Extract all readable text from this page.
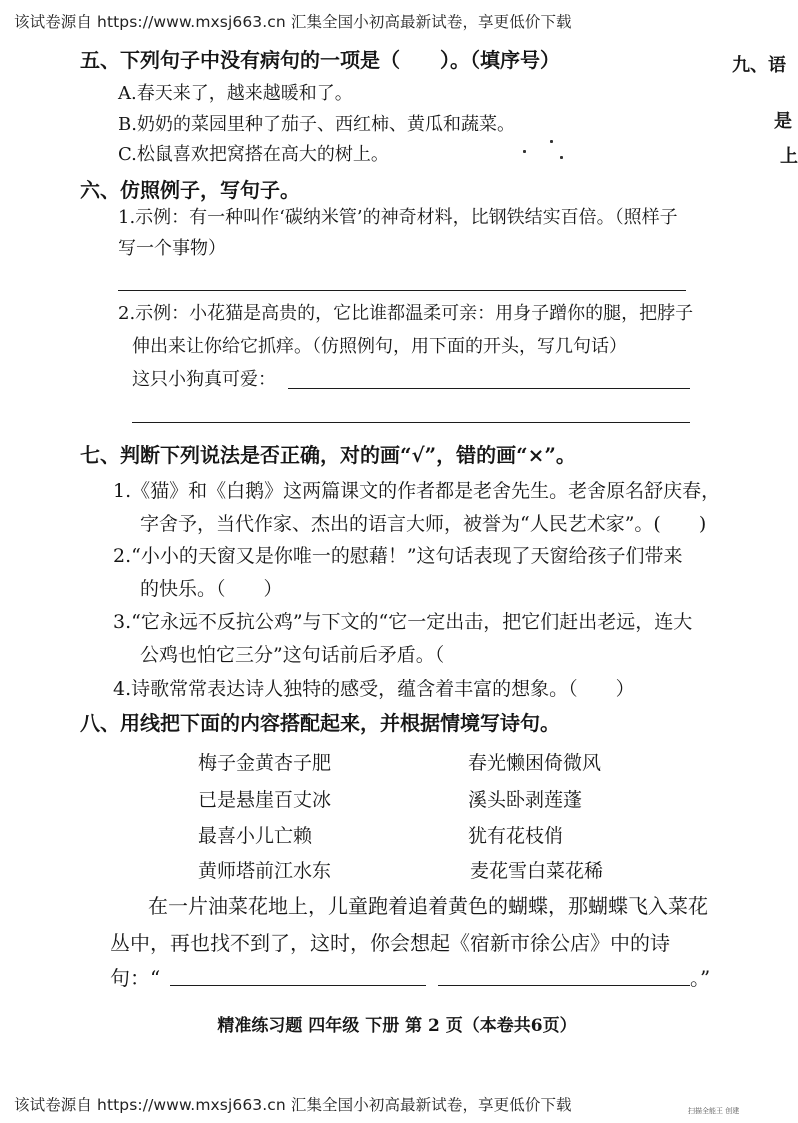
该试卷源自 https://www.mxsj663.cn 汇集全国小初高最新试卷，享更低价下载
九、语
是
上
五、下列句子中没有病句的一项是（　　）。（填序号）
A.春天来了，越来越暖和了。
B.奶奶的菜园里种了茄子、西红柿、黄瓜和蔬菜。
C.松鼠喜欢把窝搭在高大的树上。
六、仿照例子，写句子。
1.示例：有一种叫作‘碳纳米管’的神奇材料，比钢铁结实百倍。（照样子
写一个事物）
2.示例：小花猫是高贵的，它比谁都温柔可亲：用身子蹭你的腿，把脖子
伸出来让你给它抓痒。（仿照例句，用下面的开头，写几句话）
这只小狗真可爱：
七、判断下列说法是否正确，对的画“√”，错的画“×”。
1.《猫》和《白鹅》这两篇课文的作者都是老舍先生。老舍原名舒庆春，
字舍予，当代作家、杰出的语言大师，被誉为“人民艺术家”。(　　)
2.“小小的天窗又是你唯一的慰藉！”这句话表现了天窗给孩子们带来
的快乐。（　　）
3.“它永远不反抗公鸡”与下文的“它一定出击，把它们赶出老远，连大
公鸡也怕它三分”这句话前后矛盾。（
4.诗歌常常表达诗人独特的感受，蕴含着丰富的想象。（　　）
八、用线把下面的内容搭配起来，并根据情境写诗句。
梅子金黄杏子肥
已是悬崖百丈冰
最喜小儿亡赖
黄师塔前江水东
春光懒困倚微风
溪头卧剥莲蓬
犹有花枝俏
麦花雪白菜花稀
在一片油菜花地上，儿童跑着追着黄色的蝴蝶，那蝴蝶飞入菜花
丛中，再也找不到了，这时，你会想起《宿新市徐公店》中的诗
句：“	。”
精准练习题 四年级 下册 第 2 页（本卷共6页）
该试卷源自 https://www.mxsj663.cn 汇集全国小初高最新试卷，享更低价下载	扫描全能王 创建
